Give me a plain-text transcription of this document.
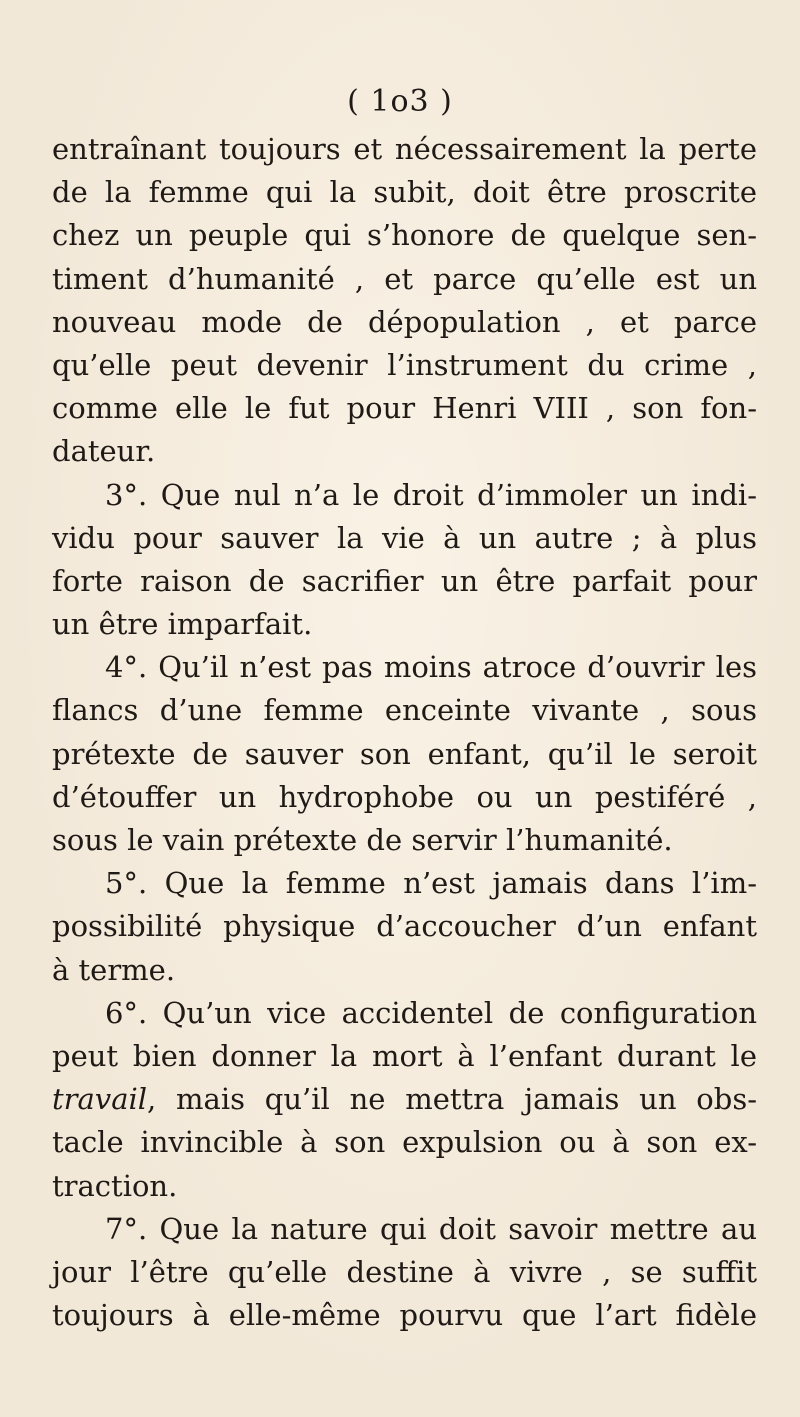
( 1o3 )
entraînant toujours et nécessairement la perte
de la femme qui la subit, doit être proscrite
chez un peuple qui s’honore de quelque sen-
timent d’humanité , et parce qu’elle est un
nouveau mode de dépopulation , et parce
qu’elle peut devenir l’instrument du crime ,
comme elle le fut pour Henri VIII , son fon-
dateur.
3°. Que nul n’a le droit d’immoler un indi-
vidu pour sauver la vie à un autre ; à plus
forte raison de sacrifier un être parfait pour
un être imparfait.
4°. Qu’il n’est pas moins atroce d’ouvrir les
flancs d’une femme enceinte vivante , sous
prétexte de sauver son enfant, qu’il le seroit
d’étouffer un hydrophobe ou un pestiféré ,
sous le vain prétexte de servir l’humanité.
5°. Que la femme n’est jamais dans l’im-
possibilité physique d’accoucher d’un enfant
à terme.
6°. Qu’un vice accidentel de configuration
peut bien donner la mort à l’enfant durant le
travail, mais qu’il ne mettra jamais un obs-
tacle invincible à son expulsion ou à son ex-
traction.
7°. Que la nature qui doit savoir mettre au
jour l’être qu’elle destine à vivre , se suffit
toujours à elle-même pourvu que l’art fidèle
